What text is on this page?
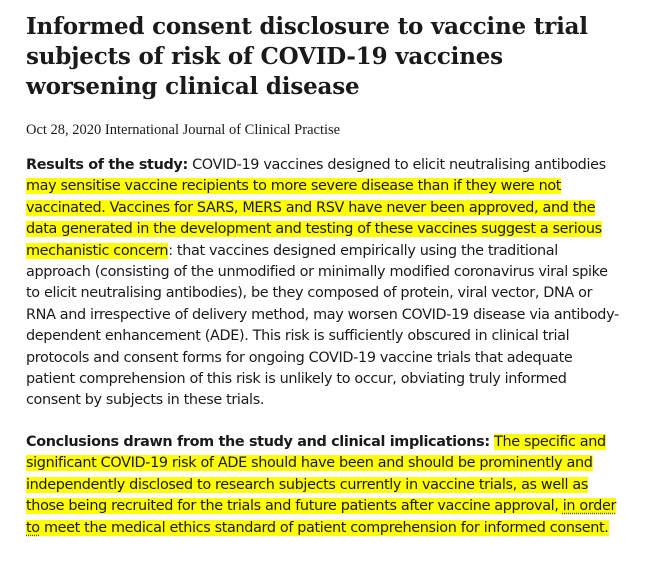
Informed consent disclosure to vaccine trial subjects of risk of COVID-19 vaccines worsening clinical disease
Oct 28, 2020 International Journal of Clinical Practise

Results of the study: COVID-19 vaccines designed to elicit neutralising antibodies may sensitise vaccine recipients to more severe disease than if they were not vaccinated. Vaccines for SARS, MERS and RSV have never been approved, and the data generated in the development and testing of these vaccines suggest a serious mechanistic concern: that vaccines designed empirically using the traditional approach (consisting of the unmodified or minimally modified coronavirus viral spike to elicit neutralising antibodies), be they composed of protein, viral vector, DNA or RNA and irrespective of delivery method, may worsen COVID-19 disease via antibody-dependent enhancement (ADE). This risk is sufficiently obscured in clinical trial protocols and consent forms for ongoing COVID-19 vaccine trials that adequate patient comprehension of this risk is unlikely to occur, obviating truly informed consent by subjects in these trials.

Conclusions drawn from the study and clinical implications: The specific and significant COVID-19 risk of ADE should have been and should be prominently and independently disclosed to research subjects currently in vaccine trials, as well as those being recruited for the trials and future patients after vaccine approval, in order to meet the medical ethics standard of patient comprehension for informed consent.
